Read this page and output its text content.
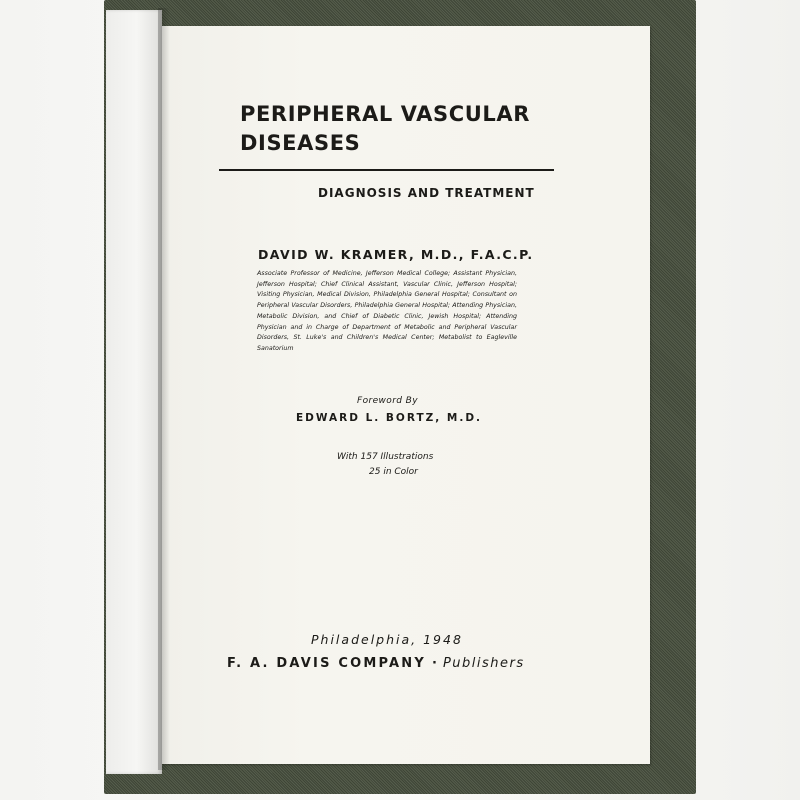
PERIPHERAL VASCULAR
DISEASES

DIAGNOSIS AND TREATMENT

DAVID W. KRAMER, M.D., F.A.C.P.

Associate Professor of Medicine, Jefferson Medical College; Assistant Physician, Jefferson Hospital; Chief Clinical Assistant, Vascular Clinic, Jefferson Hospital; Visiting Physician, Medical Division, Philadelphia General Hospital; Consultant on Peripheral Vascular Disorders, Philadelphia General Hospital; Attending Physician, Metabolic Division, and Chief of Diabetic Clinic, Jewish Hospital; Attending Physician and in Charge of Department of Metabolic and Peripheral Vascular Disorders, St. Luke's and Children's Medical Center; Metabolist to Eagleville Sanatorium

Foreword By

EDWARD L. BORTZ, M.D.

With 157 Illustrations

25 in Color

Philadelphia, 1948

F. A. DAVIS COMPANY · Publishers
